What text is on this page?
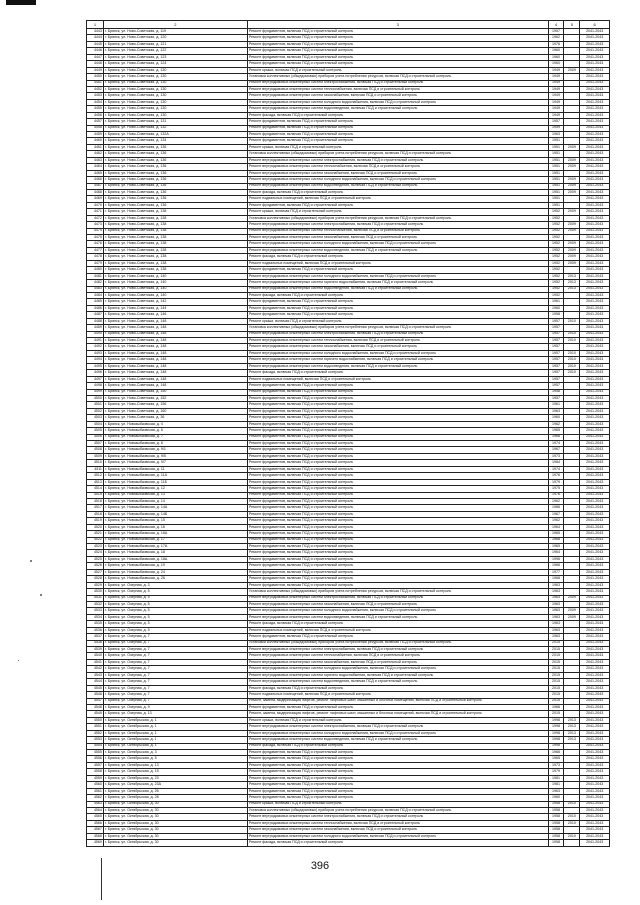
1	2	3	4	5	6
4443	г. Брянск, ул. Ново-Советская, д. 119	Ремонт фундаментов, включая ПСД и строительный контроль	1957		2041-2043
4444	г. Брянск, ул. Ново-Советская, д. 120	Ремонт фундаментов, включая ПСД и строительный контроль	1962		2041-2043
4445	г. Брянск, ул. Ново-Советская, д. 121	Ремонт фундаментов, включая ПСД и строительный контроль	1976		2041-2043
4446	г. Брянск, ул. Ново-Советская, д. 122	Ремонт фундаментов, включая ПСД и строительный контроль	1960		2041-2043
4447	г. Брянск, ул. Ново-Советская, д. 123	Ремонт фундаментов, включая ПСД и строительный контроль	1960		2041-2043
4448	г. Брянск, ул. Ново-Советская, д. 124	Ремонт фундаментов, включая ПСД и строительный контроль	1960		2041-2043
4449	г. Брянск, ул. Ново-Советская, д. 130	Ремонт крыши, включая ПСД и строительный контроль	1949	2009	2041-2043
4450	г. Брянск, ул. Ново-Советская, д. 130	Установка коллективных (общедомовых) приборов учета потребления ресурсов, включая ПСД и строительный контроль	1949		2041-2043
4451	г. Брянск, ул. Ново-Советская, д. 130	Ремонт внутридомовых инженерных систем электроснабжения, включая ПСД и строительный контроль	1949		2041-2043
4452	г. Брянск, ул. Ново-Советская, д. 130	Ремонт внутридомовых инженерных систем теплоснабжения, включая ПСД и строительный контроль	1949		2041-2043
4453	г. Брянск, ул. Ново-Советская, д. 130	Ремонт внутридомовых инженерных систем газоснабжения, включая ПСД и строительный контроль	1949		2041-2043
4454	г. Брянск, ул. Ново-Советская, д. 130	Ремонт внутридомовых инженерных систем холодного водоснабжения, включая ПСД и строительный контроль	1949		2041-2043
4455	г. Брянск, ул. Ново-Советская, д. 130	Ремонт внутридомовых инженерных систем водоотведения, включая ПСД и строительный контроль	1949		2041-2043
4456	г. Брянск, ул. Ново-Советская, д. 130	Ремонт фасада, включая ПСД и строительный контроль	1949		2041-2043
4457	г. Брянск, ул. Ново-Советская, д. 131	Ремонт фундаментов, включая ПСД и строительный контроль	1957		2041-2043
4458	г. Брянск, ул. Ново-Советская, д. 132	Ремонт фундаментов, включая ПСД и строительный контроль	1959		2041-2043
4459	г. Брянск, ул. Ново-Советская, д. 132А	Ремонт фундаментов, включая ПСД и строительный контроль	1963		2041-2043
4460	г. Брянск, ул. Ново-Советская, д. 134	Ремонт фундаментов, включая ПСД и строительный контроль	1951		2041-2043
4461	г. Брянск, ул. Ново-Советская, д. 136	Ремонт крыши, включая ПСД и строительный контроль	1951	2009	2041-2043
4462	г. Брянск, ул. Ново-Советская, д. 136	Установка коллективных (общедомовых) приборов учета потребления ресурсов, включая ПСД и строительный контроль	1951		2041-2043
4463	г. Брянск, ул. Ново-Советская, д. 136	Ремонт внутридомовых инженерных систем электроснабжения, включая ПСД и строительный контроль	1951	2009	2041-2043
4464	г. Брянск, ул. Ново-Советская, д. 136	Ремонт внутридомовых инженерных систем теплоснабжения, включая ПСД и строительный контроль	1951	2009	2041-2043
4465	г. Брянск, ул. Ново-Советская, д. 136	Ремонт внутридомовых инженерных систем газоснабжения, включая ПСД и строительный контроль	1951		2041-2043
4466	г. Брянск, ул. Ново-Советская, д. 136	Ремонт внутридомовых инженерных систем холодного водоснабжения, включая ПСД и строительный контроль	1951	2009	2041-2043
4467	г. Брянск, ул. Ново-Советская, д. 136	Ремонт внутридомовых инженерных систем водоотведения, включая ПСД и строительный контроль	1951	2009	2041-2043
4468	г. Брянск, ул. Ново-Советская, д. 136	Ремонт фасада, включая ПСД и строительный контроль	1951	2009	2041-2043
4469	г. Брянск, ул. Ново-Советская, д. 136	Ремонт подвальных помещений, включая ПСД и строительный контроль	1951		2041-2043
4470	г. Брянск, ул. Ново-Советская, д. 136	Ремонт фундаментов, включая ПСД и строительный контроль	1951		2041-2043
4471	г. Брянск, ул. Ново-Советская, д. 138	Ремонт крыши, включая ПСД и строительный контроль	1952	2009	2041-2043
4472	г. Брянск, ул. Ново-Советская, д. 138	Установка коллективных (общедомовых) приборов учета потребления ресурсов, включая ПСД и строительный контроль	1952		2041-2043
4473	г. Брянск, ул. Ново-Советская, д. 138	Ремонт внутридомовых инженерных систем электроснабжения, включая ПСД и строительный контроль	1952	2009	2041-2043
4474	г. Брянск, ул. Ново-Советская, д. 138	Ремонт внутридомовых инженерных систем теплоснабжения, включая ПСД и строительный контроль	1952	2009	2041-2043
4475	г. Брянск, ул. Ново-Советская, д. 138	Ремонт внутридомовых инженерных систем газоснабжения, включая ПСД и строительный контроль	1952		2041-2043
4476	г. Брянск, ул. Ново-Советская, д. 138	Ремонт внутридомовых инженерных систем холодного водоснабжения, включая ПСД и строительный контроль	1952	2009	2041-2043
4477	г. Брянск, ул. Ново-Советская, д. 138	Ремонт внутридомовых инженерных систем водоотведения, включая ПСД и строительный контроль	1952	2009	2041-2043
4478	г. Брянск, ул. Ново-Советская, д. 138	Ремонт фасада, включая ПСД и строительный контроль	1952	2009	2041-2043
4479	г. Брянск, ул. Ново-Советская, д. 138	Ремонт подвальных помещений, включая ПСД и строительный контроль	1952	2009	2041-2043
4480	г. Брянск, ул. Ново-Советская, д. 138	Ремонт фундаментов, включая ПСД и строительный контроль	1952		2041-2043
4481	г. Брянск, ул. Ново-Советская, д. 140	Ремонт внутридомовых инженерных систем холодного водоснабжения, включая ПСД и строительный контроль	1952	2013	2041-2043
4482	г. Брянск, ул. Ново-Советская, д. 140	Ремонт внутридомовых инженерных систем горячего водоснабжения, включая ПСД и строительный контроль	1952	2013	2041-2043
4483	г. Брянск, ул. Ново-Советская, д. 140	Ремонт внутридомовых инженерных систем водоотведения, включая ПСД и строительный контроль	1952	2013	2041-2043
4484	г. Брянск, ул. Ново-Советская, д. 140	Ремонт фасада, включая ПСД и строительный контроль	1952		2041-2043
4485	г. Брянск, ул. Ново-Советская, д. 142	Ремонт фундаментов, включая ПСД и строительный контроль	1961		2041-2043
4486	г. Брянск, ул. Ново-Советская, д. 144	Ремонт фундаментов, включая ПСД и строительный контроль	1960		2041-2043
4487	г. Брянск, ул. Ново-Советская, д. 146	Ремонт фундаментов, включая ПСД и строительный контроль	1958		2041-2043
4488	г. Брянск, ул. Ново-Советская, д. 148	Ремонт крыши, включая ПСД и строительный контроль	1957	2010	2041-2043
4489	г. Брянск, ул. Ново-Советская, д. 148	Установка коллективных (общедомовых) приборов учета потребления ресурсов, включая ПСД и строительный контроль	1957		2041-2043
4490	г. Брянск, ул. Ново-Советская, д. 148	Ремонт внутридомовых инженерных систем электроснабжения, включая ПСД и строительный контроль	1957	2010	2041-2043
4491	г. Брянск, ул. Ново-Советская, д. 148	Ремонт внутридомовых инженерных систем теплоснабжения, включая ПСД и строительный контроль	1957	2010	2041-2043
4492	г. Брянск, ул. Ново-Советская, д. 148	Ремонт внутридомовых инженерных систем газоснабжения, включая ПСД и строительный контроль	1957		2041-2043
4493	г. Брянск, ул. Ново-Советская, д. 148	Ремонт внутридомовых инженерных систем холодного водоснабжения, включая ПСД и строительный контроль	1957	2010	2041-2043
4494	г. Брянск, ул. Ново-Советская, д. 148	Ремонт внутридомовых инженерных систем горячего водоснабжения, включая ПСД и строительный контроль	1957	2010	2041-2043
4495	г. Брянск, ул. Ново-Советская, д. 148	Ремонт внутридомовых инженерных систем водоотведения, включая ПСД и строительный контроль	1957	2010	2041-2043
4496	г. Брянск, ул. Ново-Советская, д. 148	Ремонт фасада, включая ПСД и строительный контроль	1957	2010	2041-2043
4497	г. Брянск, ул. Ново-Советская, д. 148	Ремонт подвальных помещений, включая ПСД и строительный контроль	1957		2041-2043
4498	г. Брянск, ул. Ново-Советская, д. 148	Ремонт фундаментов, включая ПСД и строительный контроль	1957		2041-2043
4499	г. Брянск, ул. Ново-Советская, д. 150	Ремонт фундаментов, включая ПСД и строительный контроль	1958		2041-2043
4500	г. Брянск, ул. Ново-Советская, д. 152	Ремонт фундаментов, включая ПСД и строительный контроль	1957		2041-2043
4501	г. Брянск, ул. Ново-Советская, д. 156	Ремонт фундаментов, включая ПСД и строительный контроль	1961		2041-2043
4502	г. Брянск, ул. Ново-Советская, д. 160	Ремонт фундаментов, включая ПСД и строительный контроль	1963		2041-2043
4503	г. Брянск, ул. Ново-Советская, д. 36	Ремонт фундаментов, включая ПСД и строительный контроль	1960		2041-2043
4504	г. Брянск, ул. Новозыбковская, д. 4	Ремонт фундаментов, включая ПСД и строительный контроль	1962		2041-2043
4505	г. Брянск, ул. Новозыбковская, д. 6	Ремонт фундаментов, включая ПСД и строительный контроль	1965		2041-2043
4506	г. Брянск, ул. Новозыбковская, д. 7	Ремонт фундаментов, включая ПСД и строительный контроль	1966		2041-2043
4507	г. Брянск, ул. Новозыбковская, д. 8	Ремонт фундаментов, включая ПСД и строительный контроль	1974		2041-2043
4508	г. Брянск, ул. Новозыбковская, д. 9/1	Ремонт фундаментов, включая ПСД и строительный контроль	1967		2041-2043
4509	г. Брянск, ул. Новозыбковская, д. 9/5	Ремонт фундаментов, включая ПСД и строительный контроль	1973		2041-2043
4510	г. Брянск, ул. Новозыбковская, д. 9/7	Ремонт фундаментов, включая ПСД и строительный контроль	1984		2041-2043
4511	г. Брянск, ул. Новозыбковская, д. 11	Ремонт фундаментов, включая ПСД и строительный контроль	1974		2041-2043
4512	г. Брянск, ул. Новозыбковская, д. 11А	Ремонт фундаментов, включая ПСД и строительный контроль	1976		2041-2043
4513	г. Брянск, ул. Новозыбковская, д. 11Б	Ремонт фундаментов, включая ПСД и строительный контроль	1979		2041-2043
4514	г. Брянск, ул. Новозыбковская, д. 12	Ремонт фундаментов, включая ПСД и строительный контроль	1975		2041-2043
4515	г. Брянск, ул. Новозыбковская, д. 13	Ремонт фундаментов, включая ПСД и строительный контроль	1976		2041-2043
4516	г. Брянск, ул. Новозыбковская, д. 14	Ремонт фундаментов, включая ПСД и строительный контроль	1962		2041-2043
4517	г. Брянск, ул. Новозыбковская, д. 14А	Ремонт фундаментов, включая ПСД и строительный контроль	1986		2041-2043
4518	г. Брянск, ул. Новозыбковская, д. 14Б	Ремонт фундаментов, включая ПСД и строительный контроль	1967		2041-2043
4519	г. Брянск, ул. Новозыбковская, д. 15	Ремонт фундаментов, включая ПСД и строительный контроль	1962		2041-2043
4520	г. Брянск, ул. Новозыбковская, д. 16	Ремонт фундаментов, включая ПСД и строительный контроль	1964		2041-2043
4521	г. Брянск, ул. Новозыбковская, д. 16А	Ремонт фундаментов, включая ПСД и строительный контроль	1965		2041-2043
4522	г. Брянск, ул. Новозыбковская, д. 17	Ремонт фундаментов, включая ПСД и строительный контроль	1966		2041-2043
4523	г. Брянск, ул. Новозыбковская, д. 17А	Ремонт фундаментов, включая ПСД и строительный контроль	1965		2041-2043
4524	г. Брянск, ул. Новозыбковская, д. 18	Ремонт фундаментов, включая ПСД и строительный контроль	1964		2041-2043
4525	г. Брянск, ул. Новозыбковская, д. 18А	Ремонт фундаментов, включая ПСД и строительный контроль	1996		2041-2043
4526	г. Брянск, ул. Новозыбковская, д. 19	Ремонт фундаментов, включая ПСД и строительный контроль	1966		2041-2043
4527	г. Брянск, ул. Новозыбковская, д. 24	Ремонт фундаментов, включая ПСД и строительный контроль	1977		2041-2043
4528	г. Брянск, ул. Новозыбковская, д. 26	Ремонт фундаментов, включая ПСД и строительный контроль	1968		2041-2043
4529	г. Брянск, ул. Озерная, д. 3	Ремонт фундаментов, включая ПСД и строительный контроль	1963		2041-2043
4530	г. Брянск, ул. Озерная, д. 5	Установка коллективных (общедомовых) приборов учета потребления ресурсов, включая ПСД и строительный контроль	1963		2041-2043
4531	г. Брянск, ул. Озерная, д. 5	Ремонт внутридомовых инженерных систем электроснабжения, включая ПСД и строительный контроль	1963	2009	2041-2043
4532	г. Брянск, ул. Озерная, д. 5	Ремонт внутридомовых инженерных систем газоснабжения, включая ПСД и строительный контроль	1963		2041-2043
4533	г. Брянск, ул. Озерная, д. 5	Ремонт внутридомовых инженерных систем холодного водоснабжения, включая ПСД и строительный контроль	1963	2009	2041-2043
4534	г. Брянск, ул. Озерная, д. 5	Ремонт внутридомовых инженерных систем водоотведения, включая ПСД и строительный контроль	1963	2009	2041-2043
4535	г. Брянск, ул. Озерная, д. 5	Ремонт фасада, включая ПСД и строительный контроль	1963		2041-2043
4536	г. Брянск, ул. Озерная, д. 5	Ремонт подвальных помещений, включая ПСД и строительный контроль	1963		2041-2043
4537	г. Брянск, ул. Озерная, д. 7	Ремонт фундаментов, включая ПСД и строительный контроль	1963		2041-2043
4538	г. Брянск, ул. Озерная, д. 7	Установка коллективных (общедомовых) приборов учета потребления ресурсов, включая ПСД и строительный контроль	2015		2041-2043
4539	г. Брянск, ул. Озерная, д. 7	Ремонт внутридомовых инженерных систем электроснабжения, включая ПСД и строительный контроль	2015		2041-2043
4540	г. Брянск, ул. Озерная, д. 7	Ремонт внутридомовых инженерных систем теплоснабжения, включая ПСД и строительный контроль	2015		2041-2043
4541	г. Брянск, ул. Озерная, д. 7	Ремонт внутридомовых инженерных систем газоснабжения, включая ПСД и строительный контроль	2015		2041-2043
4542	г. Брянск, ул. Озерная, д. 7	Ремонт внутридомовых инженерных систем холодного водоснабжения, включая ПСД и строительный контроль	2015		2041-2043
4543	г. Брянск, ул. Озерная, д. 7	Ремонт внутридомовых инженерных систем горячего водоснабжения, включая ПСД и строительный контроль	2015		2041-2043
4544	г. Брянск, ул. Озерная, д. 7	Ремонт внутридомовых инженерных систем водоотведения, включая ПСД и строительный контроль	2015		2041-2043
4545	г. Брянск, ул. Озерная, д. 7	Ремонт фасада, включая ПСД и строительный контроль	2015		2041-2043
4546	г. Брянск, ул. Озерная, д. 7	Ремонт подвальных помещений, включая ПСД и строительный контроль	2015		2041-2043
4547	г. Брянск, ул. Озерная, д. 7	Ремонт, замена, модернизация лифтов, ремонт лифтовых шахт, машинных и блочных помещений, включая ПСД и строительный контроль	2015		2041-2043
4548	г. Брянск, ул. Озерная, д. 9	Ремонт фундаментов, включая ПСД и строительный контроль	1966		2041-2043
4549	г. Брянск, ул. Озерная, д. 13	Ремонт, замена, модернизация лифтов, ремонт лифтовых шахт, машинных и блочных помещений, включая ПСД и строительный контроль	2015		2041-2043
4550	г. Брянск, ул. Октябрьская, д. 1	Ремонт крыши, включая ПСД и строительный контроль	1998	2013	2041-2043
4551	г. Брянск, ул. Октябрьская, д. 1	Ремонт внутридомовых инженерных систем электроснабжения, включая ПСД и строительный контроль	1998	2013	2041-2043
4552	г. Брянск, ул. Октябрьская, д. 1	Ремонт внутридомовых инженерных систем холодного водоснабжения, включая ПСД и строительный контроль	1998	2013	2041-2043
4553	г. Брянск, ул. Октябрьская, д. 1	Ремонт внутридомовых инженерных систем водоотведения, включая ПСД и строительный контроль	1998	2013	2041-2043
4554	г. Брянск, ул. Октябрьская, д. 1	Ремонт фасада, включая ПСД и строительный контроль	1998		2041-2043
4555	г. Брянск, ул. Октябрьская, д. 3	Ремонт фундаментов, включая ПСД и строительный контроль	1966		2041-2043
4556	г. Брянск, ул. Октябрьская, д. 5	Ремонт фундаментов, включая ПСД и строительный контроль	1965		2041-2043
4557	г. Брянск, ул. Октябрьская, д. 13	Ремонт фундаментов, включая ПСД и строительный контроль	1973		2041-2043
4558	г. Брянск, ул. Октябрьская, д. 15	Ремонт фундаментов, включая ПСД и строительный контроль	1979		2041-2043
4559	г. Брянск, ул. Октябрьская, д. 23	Ремонт фундаментов, включая ПСД и строительный контроль	1981		2041-2043
4560	г. Брянск, ул. Октябрьская, д. 23А	Ремонт фундаментов, включая ПСД и строительный контроль	1981		2041-2043
4561	г. Брянск, ул. Октябрьская, д. 26	Ремонт фундаментов, включая ПСД и строительный контроль	1963		2041-2043
4562	г. Брянск, ул. Октябрьская, д. 28	Ремонт фундаментов, включая ПСД и строительный контроль	1960		2041-2043
4563	г. Брянск, ул. Октябрьская, д. 30	Ремонт крыши, включая ПСД и строительный контроль	1958	2010	2041-2043
4564	г. Брянск, ул. Октябрьская, д. 30	Установка коллективных (общедомовых) приборов учета потребления ресурсов, включая ПСД и строительный контроль	1958		2041-2043
4565	г. Брянск, ул. Октябрьская, д. 30	Ремонт внутридомовых инженерных систем электроснабжения, включая ПСД и строительный контроль	1958	2010	2041-2043
4566	г. Брянск, ул. Октябрьская, д. 30	Ремонт внутридомовых инженерных систем теплоснабжения, включая ПСД и строительный контроль	1958	2010	2041-2043
4567	г. Брянск, ул. Октябрьская, д. 30	Ремонт внутридомовых инженерных систем газоснабжения, включая ПСД и строительный контроль	1958		2041-2043
4568	г. Брянск, ул. Октябрьская, д. 30	Ремонт внутридомовых инженерных систем холодного водоснабжения, включая ПСД и строительный контроль	1958	2010	2041-2043
4569	г. Брянск, ул. Октябрьская, д. 30	Ремонт фасада, включая ПСД и строительный контроль	1958		2041-2043
396
